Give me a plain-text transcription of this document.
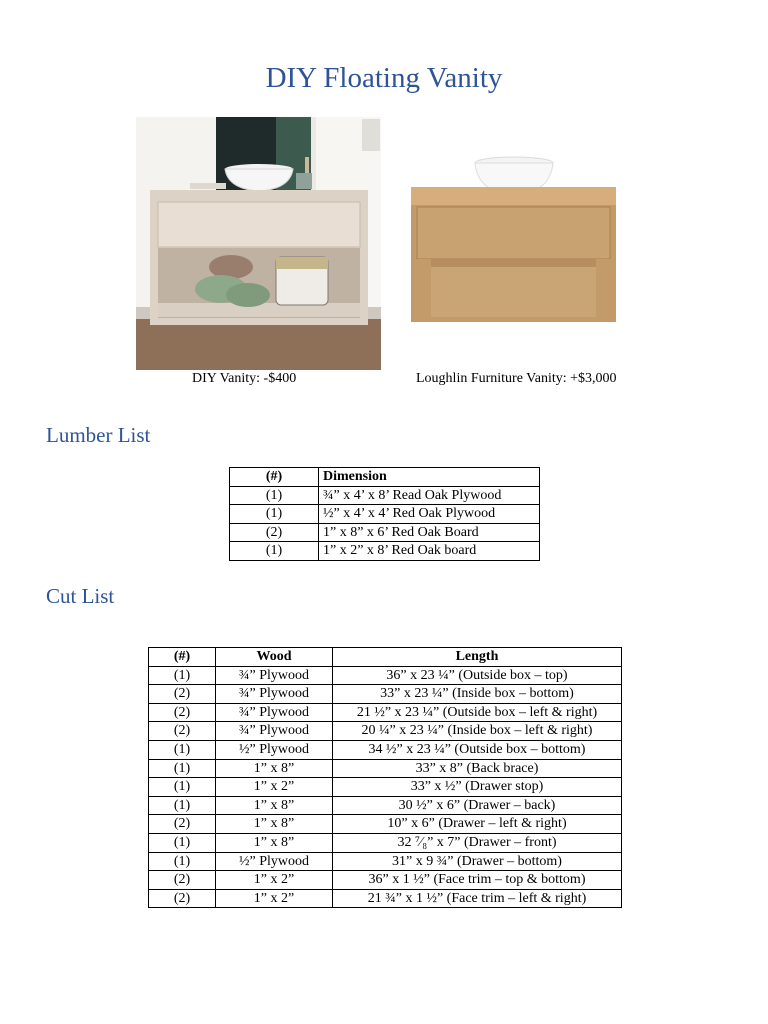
DIY Floating Vanity
DIY Vanity: -$400	Loughlin Furniture Vanity: +$3,000
Lumber List
(#)	Dimension
(1)	¾” x 4’ x 8’ Read Oak Plywood
(1)	½” x 4’ x 4’ Red Oak Plywood
(2)	1” x 8” x 6’ Red Oak Board
(1)	1” x 2” x 8’ Red Oak board
Cut List
(#)	Wood	Length
(1)	¾” Plywood	36” x 23 ¼” (Outside box – top)
(2)	¾” Plywood	33” x 23 ¼” (Inside box – bottom)
(2)	¾” Plywood	21 ½” x 23 ¼” (Outside box – left & right)
(2)	¾” Plywood	20 ¼” x 23 ¼” (Inside box – left & right)
(1)	½” Plywood	34 ½” x 23 ¼” (Outside box – bottom)
(1)	1” x 8”	33” x 8” (Back brace)
(1)	1” x 2”	33” x ½” (Drawer stop)
(1)	1” x 8”	30 ½” x 6” (Drawer – back)
(2)	1” x 8”	10” x 6” (Drawer – left & right)
(1)	1” x 8”	32 ⁷⁄₈” x 7” (Drawer – front)
(1)	½” Plywood	31” x 9 ¾” (Drawer – bottom)
(2)	1” x 2”	36” x 1 ½” (Face trim – top & bottom)
(2)	1” x 2”	21 ¾” x 1 ½” (Face trim – left & right)
